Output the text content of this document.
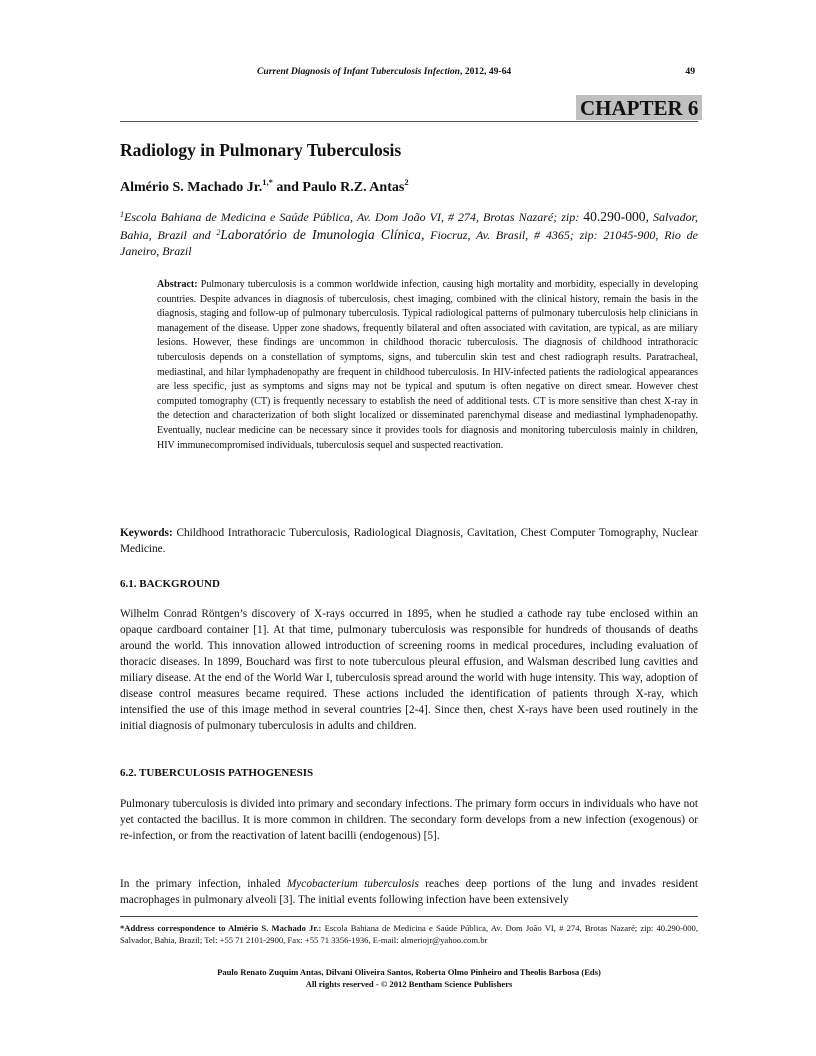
Current Diagnosis of Infant Tuberculosis Infection, 2012, 49-64	49
CHAPTER 6
Radiology in Pulmonary Tuberculosis
Almério S. Machado Jr.$^{1,*}$ and Paulo R.Z. Antas$^2$
$^1$Escola Bahiana de Medicina e Saúde Pública, Av. Dom João VI, # 274, Brotas Nazaré; zip: 40.290-000, Salvador, Bahia, Brazil and $^2$Laboratório de Imunologia Clínica, Fiocruz, Av. Brasil, # 4365; zip: 21045-900, Rio de Janeiro, Brazil
Abstract: Pulmonary tuberculosis is a common worldwide infection, causing high mortality and morbidity, especially in developing countries. Despite advances in diagnosis of tuberculosis, chest imaging, combined with the clinical history, remain the basis in the diagnosis, staging and follow-up of pulmonary tuberculosis. Typical radiological patterns of pulmonary tuberculosis help clinicians in management of the disease. Upper zone shadows, frequently bilateral and often associated with cavitation, are typical, as are miliary lesions. However, these findings are uncommon in childhood thoracic tuberculosis. The diagnosis of childhood intrathoracic tuberculosis depends on a constellation of symptoms, signs, and tuberculin skin test and chest radiograph results. Paratracheal, mediastinal, and hilar lymphadenopathy are frequent in childhood tuberculosis. In HIV-infected patients the radiological appearances are less specific, just as symptoms and signs may not be typical and sputum is often negative on direct smear. However chest computed tomography (CT) is frequently necessary to establish the need of additional tests. CT is more sensitive than chest X-ray in the detection and characterization of both slight localized or disseminated parenchymal disease and mediastinal lymphadenopathy. Eventually, nuclear medicine can be necessary since it provides tools for diagnosis and monitoring tuberculosis mainly in children, HIV immunecompromised individuals, tuberculosis sequel and suspected reactivation.
Keywords: Childhood Intrathoracic Tuberculosis, Radiological Diagnosis, Cavitation, Chest Computer Tomography, Nuclear Medicine.
6.1. BACKGROUND
Wilhelm Conrad Röntgen’s discovery of X-rays occurred in 1895, when he studied a cathode ray tube enclosed within an opaque cardboard container [1]. At that time, pulmonary tuberculosis was responsible for hundreds of thousands of deaths around the world. This innovation allowed introduction of screening rooms in medical procedures, including evaluation of thoracic diseases. In 1899, Bouchard was first to note tuberculous pleural effusion, and Walsman described lung cavities and miliary disease. At the end of the World War I, tuberculosis spread around the world with huge intensity. This way, adoption of disease control measures became required. These actions included the identification of patients through X-ray, which intensified the use of this image method in several countries [2-4]. Since then, chest X-rays have been used routinely in the initial diagnosis of pulmonary tuberculosis in adults and children.
6.2. TUBERCULOSIS PATHOGENESIS
Pulmonary tuberculosis is divided into primary and secondary infections. The primary form occurs in individuals who have not yet contacted the bacillus. It is more common in children. The secondary form develops from a new infection (exogenous) or re-infection, or from the reactivation of latent bacilli (endogenous) [5].
In the primary infection, inhaled Mycobacterium tuberculosis reaches deep portions of the lung and invades resident macrophages in pulmonary alveoli [3]. The initial events following infection have been extensively
*Address correspondence to Almério S. Machado Jr.: Escola Bahiana de Medicina e Saúde Pública, Av. Dom João VI, # 274, Brotas Nazaré; zip: 40.290-000, Salvador, Bahia, Brazil; Tel: +55 71 2101-2900, Fax: +55 71 3356-1936, E-mail: almeriojr@yahoo.com.br
Paulo Renato Zuquim Antas, Dilvani Oliveira Santos, Roberta Olmo Pinheiro and Theolis Barbosa (Eds)
All rights reserved - © 2012 Bentham Science Publishers
